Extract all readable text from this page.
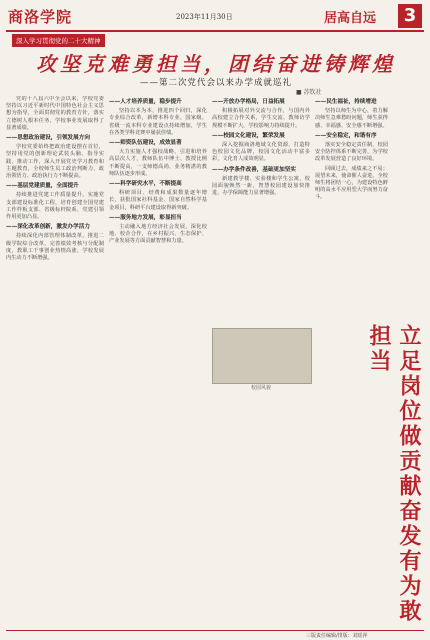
商洛学院	2023年11月30日	居高自远	3
深入学习贯彻党的二十大精神
攻坚克难勇担当，团结奋进铸辉煌
——第二次党代会以来办学成就巡礼
■ 苏钦社

党的十八届六中全会以来，学校党委坚持以习近平新时代中国特色社会主义思想为指导，全面贯彻党的教育方针，落实立德树人根本任务，学校事业发展取得了显著成绩。

——思想政治建设，引领发展方向

学校党委始终把政治建设摆在首位，坚持用党的创新理论武装头脑、指导实践、推动工作，深入开展党史学习教育和主题教育，全校师生员工政治判断力、政治领悟力、政治执行力不断提高。

——基层党建质量，全面提升

持续推进党建工作质量提升，实施党支部建设标准化工程，培育创建全国党建工作样板支部、省级标杆院系，党建引领作用更加凸显。

——深化改革创新，激发办学活力

持续深化内部管理体制改革，推进二级学院综合改革，完善绩效考核与分配制度，教职工干事创业热情高涨，学校发展内生动力不断增强。

——人才培养质量，稳步提升

坚持以本为本，推进四个回归，深化专业综合改革，新增本科专业，国家级、省级一流本科专业建设点持续增加，学生在各类学科竞赛中屡获佳绩。

——师资队伍建设，成效显著

大力实施人才强校战略，引进和培养高层次人才，教师队伍中博士、教授比例不断提高，一支师德高尚、业务精湛的教师队伍逐步形成。

——科学研究水平，不断提高

科研项目、经费和成果数量逐年增长，获批国家社科基金、国家自然科学基金项目，科研平台建设取得新突破。

——服务地方发展，彰显担当

主动融入地方经济社会发展，深化校地、校企合作，在乡村振兴、生态保护、产业发展等方面贡献智慧和力量。

——开放办学格局，日益拓展

积极拓展对外交流与合作，与国内外高校建立合作关系，学生交流、教师访学规模不断扩大，学校影响力持续提升。

——校园文化建设，繁荣发展

深入挖掘商洛地域文化资源，打造特色校园文化品牌，校园文化活动丰富多彩，文化育人成效明显。

——办学条件改善，基础更加坚实

新建教学楼、实验楼和学生公寓，校园面貌焕然一新，智慧校园建设加快推进，办学保障能力显著增强。

——民生福祉，持续增进

坚持以师生为中心，着力解决师生急难愁盼问题，师生获得感、幸福感、安全感不断增强。

——安全稳定，和谐有序

落实安全稳定责任制，校园安全防控体系不断完善，为学校改革发展营造了良好环境。

回顾过去，成绩来之不易；展望未来，使命催人奋进。全校师生将团结一心，为建设特色鲜明的高水平应用型大学而努力奋斗。

校园风貌	立足岗位做贡献奋发有为敢担当
三版责任编辑/排版：刘瑶萍
